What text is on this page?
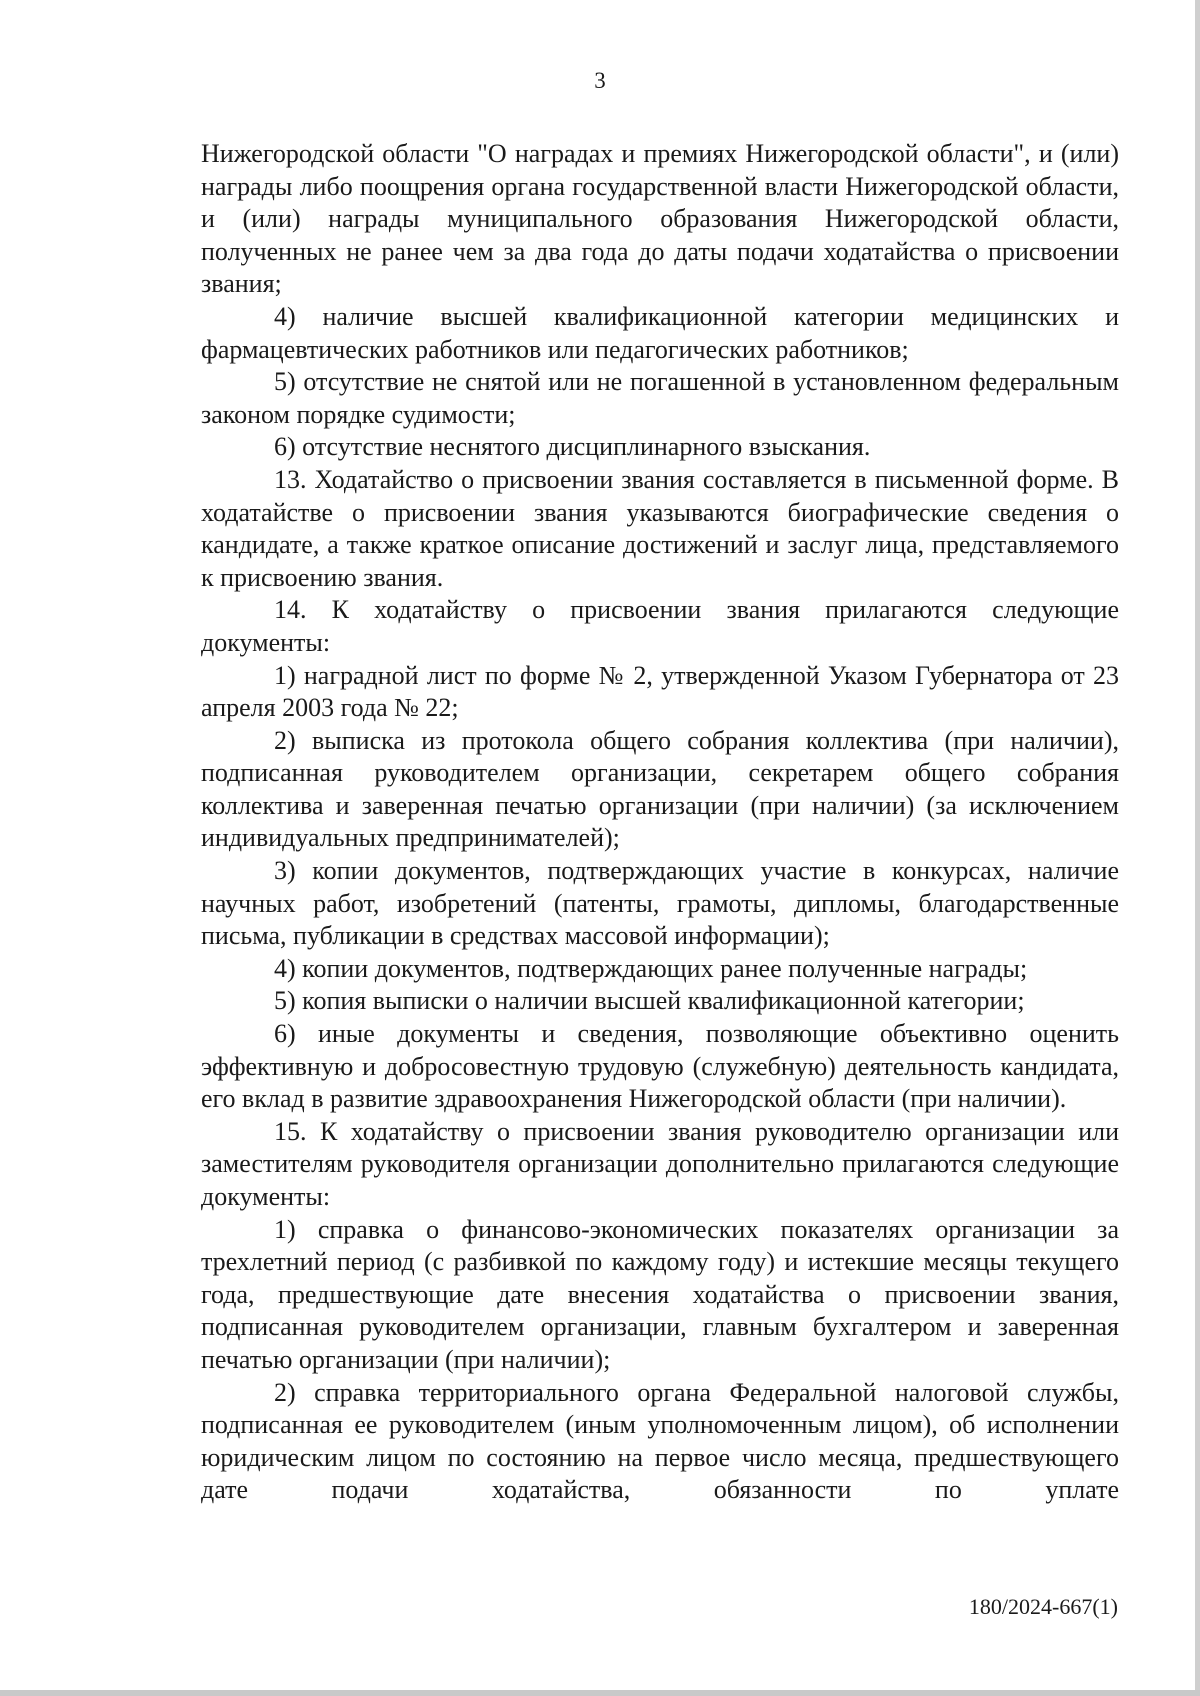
3

Нижегородской области "О наградах и премиях Нижегородской области", и (или) награды либо поощрения органа государственной власти Нижегородской области, и (или) награды муниципального образования Нижегородской области, полученных не ранее чем за два года до даты подачи ходатайства о присвоении звания;

4) наличие высшей квалификационной категории медицинских и фармацевтических работников или педагогических работников;

5) отсутствие не снятой или не погашенной в установленном федеральным законом порядке судимости;

6) отсутствие неснятого дисциплинарного взыскания.

13. Ходатайство о присвоении звания составляется в письменной форме. В ходатайстве о присвоении звания указываются биографические сведения о кандидате, а также краткое описание достижений и заслуг лица, представляемого к присвоению звания.

14. К ходатайству о присвоении звания прилагаются следующие документы:

1) наградной лист по форме № 2, утвержденной Указом Губернатора от 23 апреля 2003 года № 22;

2) выписка из протокола общего собрания коллектива (при наличии), подписанная руководителем организации, секретарем общего собрания коллектива и заверенная печатью организации (при наличии) (за исключением индивидуальных предпринимателей);

3) копии документов, подтверждающих участие в конкурсах, наличие научных работ, изобретений (патенты, грамоты, дипломы, благодарственные письма, публикации в средствах массовой информации);

4) копии документов, подтверждающих ранее полученные награды;

5) копия выписки о наличии высшей квалификационной категории;

6) иные документы и сведения, позволяющие объективно оценить эффективную и добросовестную трудовую (служебную) деятельность кандидата, его вклад в развитие здравоохранения Нижегородской области (при наличии).

15. К ходатайству о присвоении звания руководителю организации или заместителям руководителя организации дополнительно прилагаются следующие документы:

1) справка о финансово-экономических показателях организации за трехлетний период (с разбивкой по каждому году) и истекшие месяцы текущего года, предшествующие дате внесения ходатайства о присвоении звания, подписанная руководителем организации, главным бухгалтером и заверенная печатью организации (при наличии);

2) справка территориального органа Федеральной налоговой службы, подписанная ее руководителем (иным уполномоченным лицом), об исполнении юридическим лицом по состоянию на первое число месяца, предшествующего дате подачи ходатайства, обязанности по уплате

180/2024-667(1)
